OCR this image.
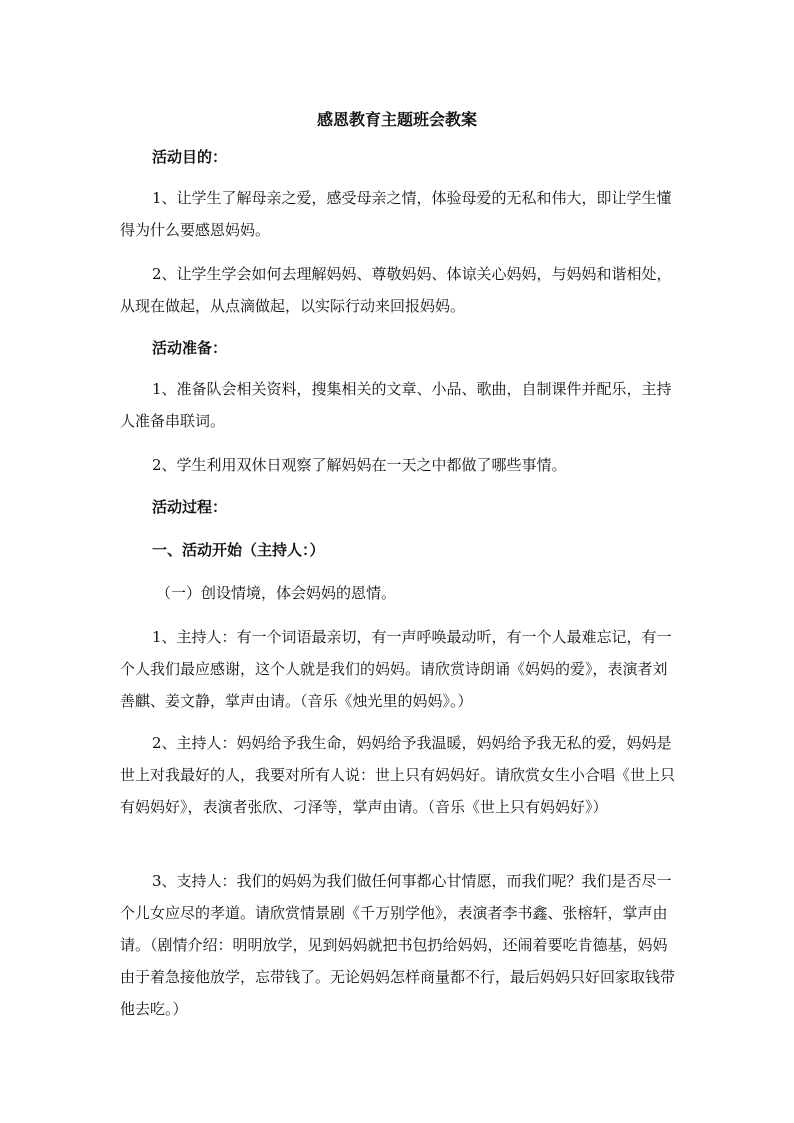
感恩教育主题班会教案

活动目的：

1、让学生了解母亲之爱，感受母亲之情，体验母爱的无私和伟大，即让学生懂得为什么要感恩妈妈。

2、让学生学会如何去理解妈妈、尊敬妈妈、体谅关心妈妈，与妈妈和谐相处，从现在做起，从点滴做起，以实际行动来回报妈妈。

活动准备：

1、准备队会相关资料，搜集相关的文章、小品、歌曲，自制课件并配乐，主持人准备串联词。

2、学生利用双休日观察了解妈妈在一天之中都做了哪些事情。

活动过程：

一、活动开始（主持人：）

（一）创设情境，体会妈妈的恩情。

1、主持人：有一个词语最亲切，有一声呼唤最动听，有一个人最难忘记，有一个人我们最应感谢，这个人就是我们的妈妈。请欣赏诗朗诵《妈妈的爱》，表演者刘善麒、姜文静，掌声由请。（音乐《烛光里的妈妈》。）

2、主持人：妈妈给予我生命，妈妈给予我温暖，妈妈给予我无私的爱，妈妈是世上对我最好的人，我要对所有人说：世上只有妈妈好。请欣赏女生小合唱《世上只有妈妈好》，表演者张欣、刁泽等，掌声由请。（音乐《世上只有妈妈好》）

3、支持人：我们的妈妈为我们做任何事都心甘情愿，而我们呢？我们是否尽一个儿女应尽的孝道。请欣赏情景剧《千万别学他》，表演者李书鑫、张榕轩，掌声由请。（剧情介绍：明明放学，见到妈妈就把书包扔给妈妈，还闹着要吃肯德基，妈妈由于着急接他放学，忘带钱了。无论妈妈怎样商量都不行，最后妈妈只好回家取钱带他去吃。）
